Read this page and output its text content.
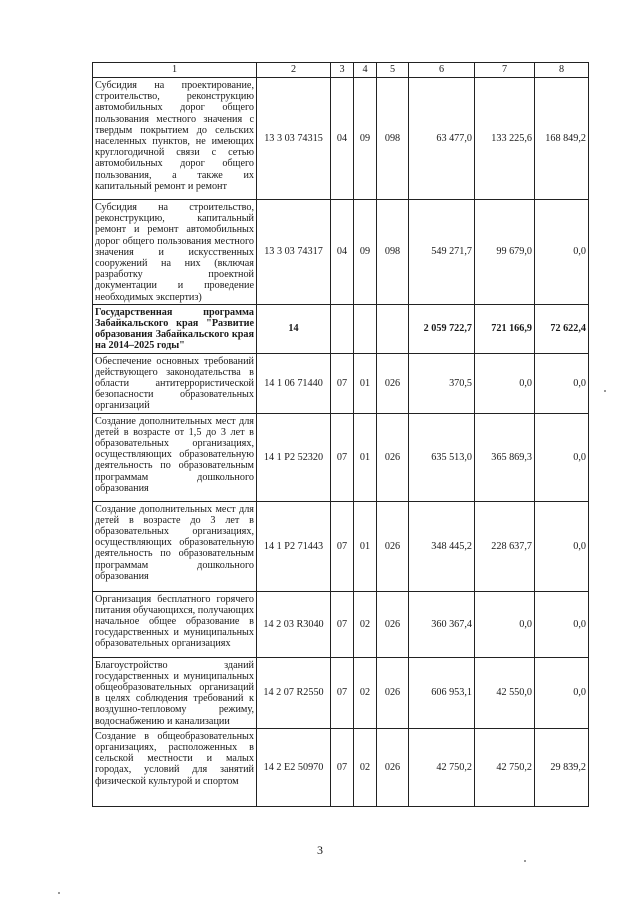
1	2	3	4	5	6	7	8
Субсидия на проектирование, строительство, реконструкцию автомобильных дорог общего пользования местного значения с твердым покрытием до сельских населенных пунктов, не имеющих круглогодичной связи с сетью автомобильных дорог общего пользования, а также их капитальный ремонт и ремонт	13 3 03 74315	04	09	098	63 477,0	133 225,6	168 849,2
Субсидия на строительство, реконструкцию, капитальный ремонт и ремонт автомобильных дорог общего пользования местного значения и искусственных сооружений на них (включая разработку проектной документации и проведение необходимых экспертиз)	13 3 03 74317	04	09	098	549 271,7	99 679,0	0,0
Государственная программа Забайкальского края "Развитие образования Забайкальского края на 2014–2025 годы"	14				2 059 722,7	721 166,9	72 622,4
Обеспечение основных требований действующего законодательства в области антитеррористической безопасности образовательных организаций	14 1 06 71440	07	01	026	370,5	0,0	0,0
Создание дополнительных мест для детей в возрасте от 1,5 до 3 лет в образовательных организациях, осуществляющих образовательную деятельность по образовательным программам дошкольного образования	14 1 P2 52320	07	01	026	635 513,0	365 869,3	0,0
Создание дополнительных мест для детей в возрасте до 3 лет в образовательных организациях, осуществляющих образовательную деятельность по образовательным программам дошкольного образования	14 1 P2 71443	07	01	026	348 445,2	228 637,7	0,0
Организация бесплатного горячего питания обучающихся, получающих начальное общее образование в государственных и муниципальных образовательных организациях	14 2 03 R3040	07	02	026	360 367,4	0,0	0,0
Благоустройство зданий государственных и муниципальных общеобразовательных организаций в целях соблюдения требований к воздушно-тепловому режиму, водоснабжению и канализации	14 2 07 R2550	07	02	026	606 953,1	42 550,0	0,0
Создание в общеобразовательных организациях, расположенных в сельской местности и малых городах, условий для занятий физической культурой и спортом	14 2 E2 50970	07	02	026	42 750,2	42 750,2	29 839,2
3
